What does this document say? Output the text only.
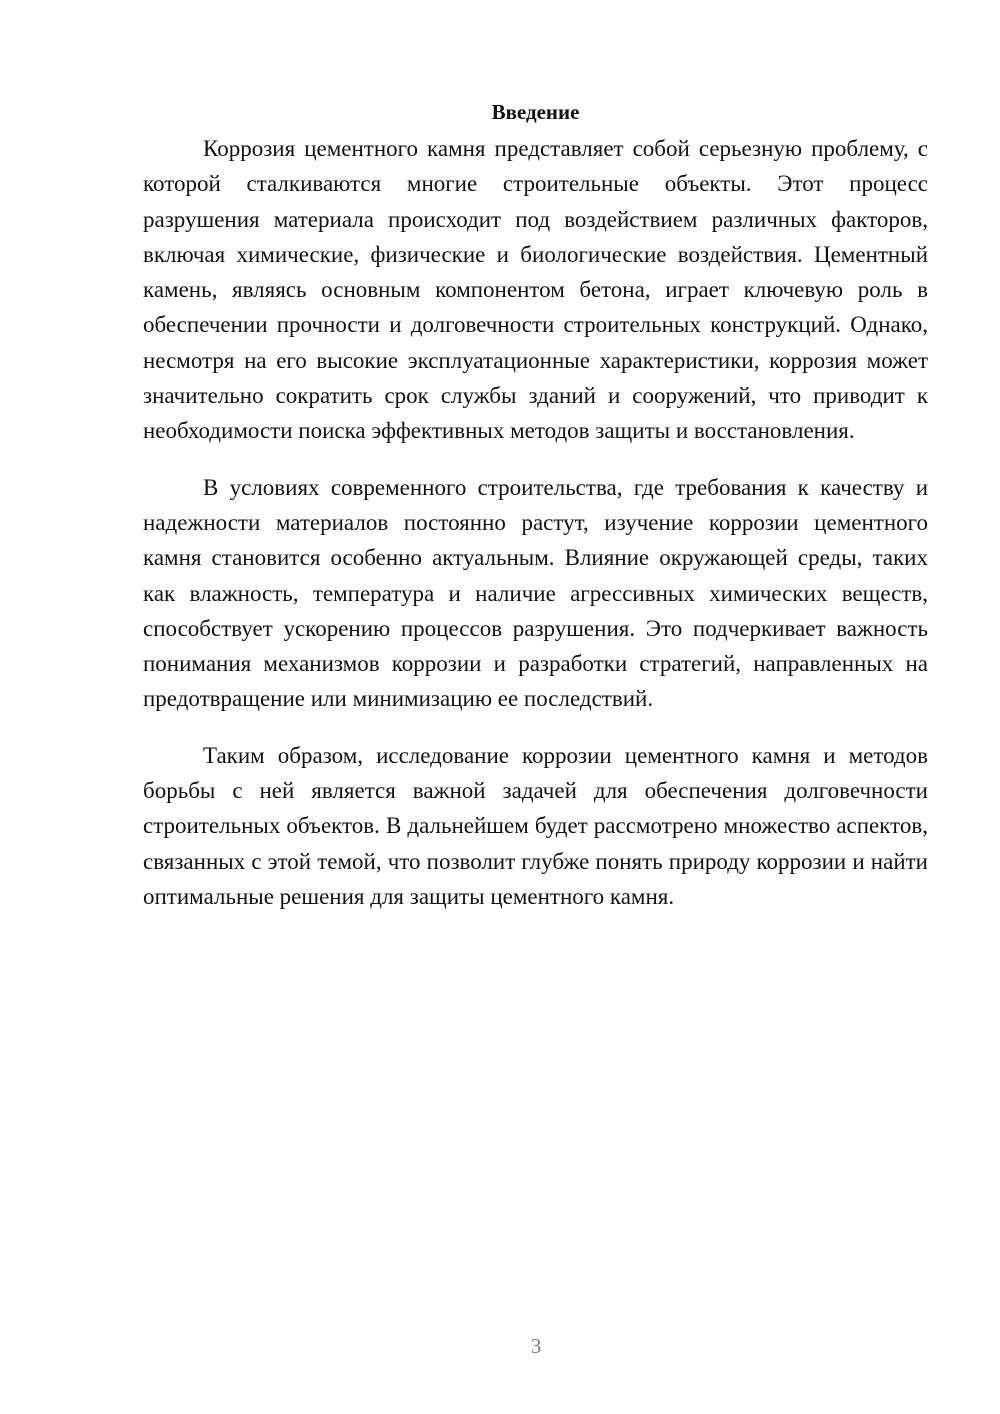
Введение

Коррозия цементного камня представляет собой серьезную проблему, с которой сталкиваются многие строительные объекты. Этот процесс разрушения материала происходит под воздействием различных факторов, включая химические, физические и биологические воздействия. Цементный камень, являясь основным компонентом бетона, играет ключевую роль в обеспечении прочности и долговечности строительных конструкций. Однако, несмотря на его высокие эксплуатационные характеристики, коррозия может значительно сократить срок службы зданий и сооружений, что приводит к необходимости поиска эффективных методов защиты и восстановления.

В условиях современного строительства, где требования к качеству и надежности материалов постоянно растут, изучение коррозии цементного камня становится особенно актуальным. Влияние окружающей среды, таких как влажность, температура и наличие агрессивных химических веществ, способствует ускорению процессов разрушения. Это подчеркивает важность понимания механизмов коррозии и разработки стратегий, направленных на предотвращение или минимизацию ее последствий.

Таким образом, исследование коррозии цементного камня и методов борьбы с ней является важной задачей для обеспечения долговечности строительных объектов. В дальнейшем будет рассмотрено множество аспектов, связанных с этой темой, что позволит глубже понять природу коррозии и найти оптимальные решения для защиты цементного камня.

3
